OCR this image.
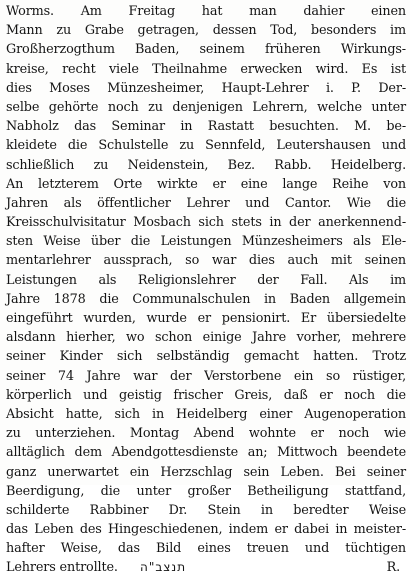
Worms. Am Freitag hat man dahier einen
Mann zu Grabe getragen, dessen Tod, besonders im
Großherzogthum Baden, seinem früheren Wirkungs-
kreise, recht viele Theilnahme erwecken wird. Es ist
dies Moses Münzesheimer, Haupt-Lehrer i. P. Der-
selbe gehörte noch zu denjenigen Lehrern, welche unter
Nabholz das Seminar in Rastatt besuchten. M. be-
kleidete die Schulstelle zu Sennfeld, Leutershausen und
schließlich zu Neidenstein, Bez. Rabb. Heidelberg.
An letzterem Orte wirkte er eine lange Reihe von
Jahren als öffentlicher Lehrer und Cantor. Wie die
Kreisschulvisitatur Mosbach sich stets in der anerkennend-
sten Weise über die Leistungen Münzesheimers als Ele-
mentarlehrer aussprach, so war dies auch mit seinen
Leistungen als Religionslehrer der Fall. Als im
Jahre 1878 die Communalschulen in Baden allgemein
eingeführt wurden, wurde er pensionirt. Er übersiedelte
alsdann hierher, wo schon einige Jahre vorher, mehrere
seiner Kinder sich selbständig gemacht hatten. Trotz
seiner 74 Jahre war der Verstorbene ein so rüstiger,
körperlich und geistig frischer Greis, daß er noch die
Absicht hatte, sich in Heidelberg einer Augenoperation
zu unterziehen. Montag Abend wohnte er noch wie
alltäglich dem Abendgottesdienste an; Mittwoch beendete
ganz unerwartet ein Herzschlag sein Leben. Bei seiner
Beerdigung, die unter großer Betheiligung stattfand,
schilderte Rabbiner Dr. Stein in beredter Weise
das Leben des Hingeschiedenen, indem er dabei in meister-
hafter Weise, das Bild eines treuen und tüchtigen
Lehrers entrollte. תנצב"ה	R.
